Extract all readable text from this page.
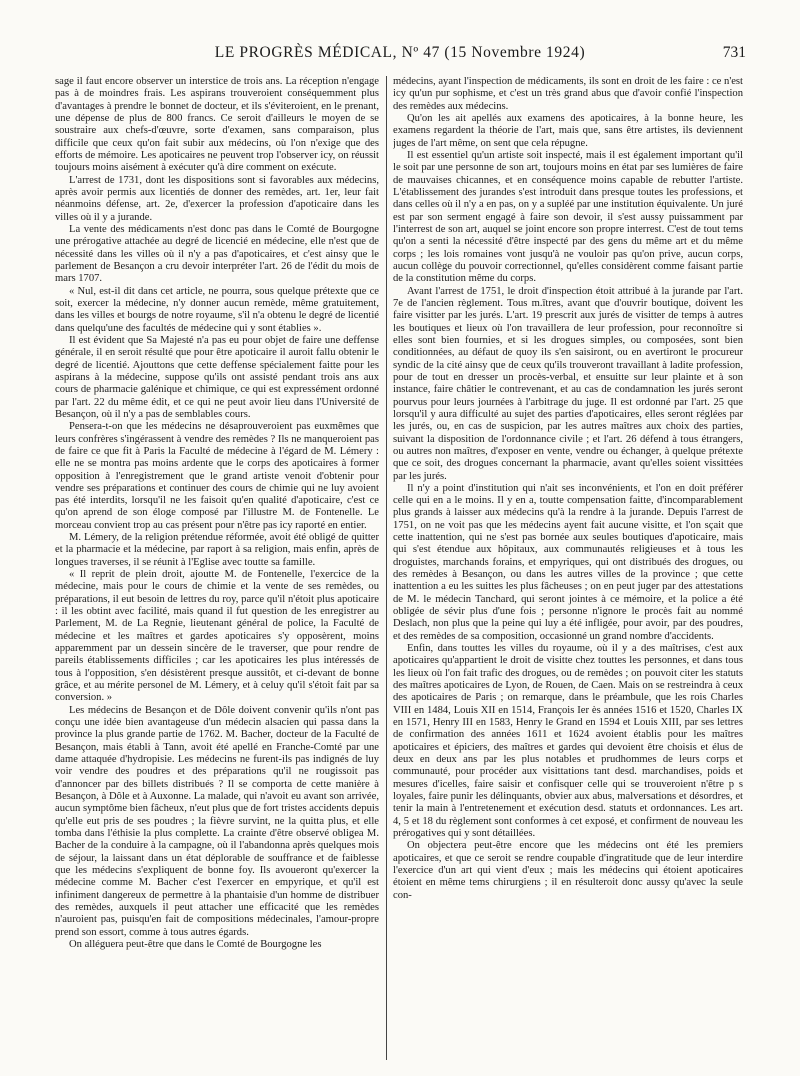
LE PROGRÈS MÉDICAL, Nº 47 (15 Novembre 1924)	731

sage il faut encore observer un interstice de trois ans. La réception n'engage pas à de moindres frais. Les aspirans trouveroient conséquemment plus d'avantages à prendre le bonnet de docteur, et ils s'éviteroient, en le prenant, une dépense de plus de 800 francs. Ce seroit d'ailleurs le moyen de se soustraire aux chefs-d'œuvre, sorte d'examen, sans comparaison, plus difficile que ceux qu'on fait subir aux médecins, où l'on n'exige que des efforts de mémoire. Les apoticaires ne peuvent trop l'observer icy, on réussit toujours moins aisément à exécuter qu'à dire comment on exécute.

L'arrest de 1731, dont les dispositions sont si favorables aux médecins, après avoir permis aux licentiés de donner des remèdes, art. 1er, leur fait néanmoins défense, art. 2e, d'exercer la profession d'apoticaire dans les villes où il y a jurande.

La vente des médicaments n'est donc pas dans le Comté de Bourgogne une prérogative attachée au degré de licencié en médecine, elle n'est que de nécessité dans les villes où il n'y a pas d'apoticaires, et c'est ainsy que le parlement de Besançon a cru devoir interpréter l'art. 26 de l'édit du mois de mars 1707.

« Nul, est-il dit dans cet article, ne pourra, sous quelque prétexte que ce soit, exercer la médecine, n'y donner aucun remède, même gratuitement, dans les villes et bourgs de notre royaume, s'il n'a obtenu le degré de licentié dans quelqu'une des facultés de médecine qui y sont établies ».

Il est évident que Sa Majesté n'a pas eu pour objet de faire une deffense générale, il en seroit résulté que pour être apoticaire il auroit fallu obtenir le degré de licentié. Ajouttons que cette deffense spécialement faitte pour les aspirans à la médecine, suppose qu'ils ont assisté pendant trois ans aux cours de pharmacie galénique et chimique, ce qui est expressément ordonné par l'art. 22 du même édit, et ce qui ne peut avoir lieu dans l'Université de Besançon, où il n'y a pas de semblables cours.

Pensera-t-on que les médecins ne désaprouveroient pas euxmêmes que leurs confrères s'ingérassent à vendre des remèdes ? Ils ne manqueroient pas de faire ce que fit à Paris la Faculté de médecine à l'égard de M. Lémery : elle ne se montra pas moins ardente que le corps des apoticaires à former opposition à l'enregistrement que le grand artiste venoit d'obtenir pour vendre ses préparations et continuer des cours de chimie qui ne luy avoient pas été interdits, lorsqu'il ne les faisoit qu'en qualité d'apoticaire, c'est ce qu'on aprend de son éloge composé par l'illustre M. de Fontenelle. Le morceau convient trop au cas présent pour n'être pas icy raporté en entier.

M. Lémery, de la religion prétendue réformée, avoit été obligé de quitter et la pharmacie et la médecine, par raport à sa religion, mais enfin, après de longues traverses, il se réunit à l'Eglise avec toutte sa famille.

« Il reprit de plein droit, ajoutte M. de Fontenelle, l'exercice de la médecine, mais pour le cours de chimie et la vente de ses remèdes, ou préparations, il eut besoin de lettres du roy, parce qu'il n'étoit plus apoticaire : il les obtint avec facilité, mais quand il fut question de les enregistrer au Parlement, M. de La Regnie, lieutenant général de police, la Faculté de médecine et les maîtres et gardes apoticaires s'y opposèrent, moins apparemment par un dessein sincère de le traverser, que pour rendre de pareils établissements difficiles ; car les apoticaires les plus intéressés de tous à l'opposition, s'en désistèrent presque aussitôt, et ci-devant de bonne grâce, et au mérite personel de M. Lémery, et à celuy qu'il s'étoit fait par sa conversion. »

Les médecins de Besançon et de Dôle doivent convenir qu'ils n'ont pas conçu une idée bien avantageuse d'un médecin alsacien qui passa dans la province la plus grande partie de 1762. M. Bacher, docteur de la Faculté de Besançon, mais établi à Tann, avoit été apellé en Franche-Comté par une dame attaquée d'hydropisie. Les médecins ne furent-ils pas indignés de luy voir vendre des poudres et des préparations qu'il ne rougissoit pas d'annoncer par des billets distribués ? Il se comporta de cette manière à Besançon, à Dôle et à Auxonne. La malade, qui n'avoit eu avant son arrivée, aucun symptôme bien fâcheux, n'eut plus que de fort tristes accidents depuis qu'elle eut pris de ses poudres ; la fièvre survint, ne la quitta plus, et elle tomba dans l'éthisie la plus complette. La crainte d'être observé obligea M. Bacher de la conduire à la campagne, où il l'abandonna après quelques mois de séjour, la laissant dans un état déplorable de souffrance et de faiblesse que les médecins s'expliquent de bonne foy. Ils avoueront qu'exercer la médecine comme M. Bacher c'est l'exercer en empyrique, et qu'il est infiniment dangereux de permettre à la phantaisie d'un homme de distribuer des remèdes, auxquels il peut attacher une efficacité que les remèdes n'auroient pas, puisqu'en fait de compositions médecinales, l'amour-propre prend son essort, comme à tous autres égards.

On alléguera peut-être que dans le Comté de Bourgogne les

médecins, ayant l'inspection de médicaments, ils sont en droit de les faire : ce n'est icy qu'un pur sophisme, et c'est un très grand abus que d'avoir confié l'inspection des remèdes aux médecins.

Qu'on les ait apellés aux examens des apoticaires, à la bonne heure, les examens regardent la théorie de l'art, mais que, sans être artistes, ils deviennent juges de l'art même, on sent que cela répugne.

Il est essentiel qu'un artiste soit inspecté, mais il est également important qu'il le soit par une personne de son art, toujours moins en état par ses lumières de faire de mauvaises chicannes, et en conséquence moins capable de rebutter l'artiste. L'établissement des jurandes s'est introduit dans presque toutes les professions, et dans celles où il n'y a en pas, on y a supléé par une institution équivalente. Un juré est par son serment engagé à faire son devoir, il s'est aussy puissamment par l'interrest de son art, auquel se joint encore son propre interrest. C'est de tout tems qu'on a senti la nécessité d'être inspecté par des gens du même art et du même corps ; les lois romaines vont jusqu'à ne vouloir pas qu'on prive, aucun corps, aucun collège du pouvoir correctionnel, qu'elles considèrent comme faisant partie de la constitution même du corps.

Avant l'arrest de 1751, le droit d'inspection étoit attribué à la jurande par l'art. 7e de l'ancien règlement. Tous m.ītres, avant que d'ouvrir boutique, doivent les faire visitter par les jurés. L'art. 19 prescrit aux jurés de visitter de temps à autres les boutiques et lieux où l'on travaillera de leur profession, pour reconnoître si elles sont bien fournies, et si les drogues simples, ou composées, sont bien conditionnées, au défaut de quoy ils s'en saisiront, ou en avertiront le procureur syndic de la cité ainsy que de ceux qu'ils trouveront travaillant à ladite profession, pour de tout en dresser un procès-verbal, et ensuitte sur leur plainte et à son instance, faire châtier le contrevenant, et au cas de condamnation les jurés seront pourvus pour leurs journées à l'arbitrage du juge. Il est ordonné par l'art. 25 que lorsqu'il y aura difficulté au sujet des parties d'apoticaires, elles seront réglées par les jurés, ou, en cas de suspicion, par les autres maîtres aux choix des parties, suivant la disposition de l'ordonnance civile ; et l'art. 26 défend à tous étrangers, ou autres non maîtres, d'exposer en vente, vendre ou échanger, à quelque prétexte que ce soit, des drogues concernant la pharmacie, avant qu'elles soient vissittées par les jurés.

Il n'y a point d'institution qui n'ait ses inconvénients, et l'on en doit préférer celle qui en a le moins. Il y en a, toutte compensation faitte, d'incomparablement plus grands à laisser aux médecins qu'à la rendre à la jurande. Depuis l'arrest de 1751, on ne voit pas que les médecins ayent fait aucune visitte, et l'on sçait que cette inattention, qui ne s'est pas bornée aux seules boutiques d'apoticaire, mais qui s'est étendue aux hôpitaux, aux communautés religieuses et à tous les droguistes, marchands forains, et empyriques, qui ont distribués des drogues, ou des remèdes à Besançon, ou dans les autres villes de la province ; que cette inattention a eu les suittes les plus fâcheuses ; on en peut juger par des attestations de M. le médecin Tanchard, qui seront jointes à ce mémoire, et la police a été obligée de sévir plus d'une fois ; personne n'ignore le procès fait au nommé Deslach, non plus que la peine qui luy a été infligée, pour avoir, par des poudres, et des remèdes de sa composition, occasionné un grand nombre d'accidents.

Enfin, dans touttes les villes du royaume, où il y a des maîtrises, c'est aux apoticaires qu'appartient le droit de visitte chez touttes les personnes, et dans tous les lieux où l'on fait trafic des drogues, ou de remèdes ; on pouvoit citer les statuts des maîtres apoticaires de Lyon, de Rouen, de Caen. Mais on se restreindra à ceux des apoticaires de Paris ; on remarque, dans le préambule, que les rois Charles VIII en 1484, Louis XII en 1514, François Ier ès années 1516 et 1520, Charles IX en 1571, Henry III en 1583, Henry le Grand en 1594 et Louis XIII, par ses lettres de confirmation des années 1611 et 1624 avoient établis pour les maîtres apoticaires et épiciers, des maîtres et gardes qui devoient être choisis et élus de deux en deux ans par les plus notables et prudhommes de leurs corps et communauté, pour procéder aux visittations tant desd. marchandises, poids et mesures d'icelles, faire saisir et confisquer celle qui se trouveroient n'être p s loyales, faire punir les délinquants, obvier aux abus, malversations et désordres, et tenir la main à l'entretenement et exécution desd. statuts et ordonnances. Les art. 4, 5 et 18 du règlement sont conformes à cet exposé, et confirment de nouveau les prérogatives qui y sont détaillées.

On objectera peut-être encore que les médecins ont été les premiers apoticaires, et que ce seroit se rendre coupable d'ingratitude que de leur interdire l'exercice d'un art qui vient d'eux ; mais les médecins qui étoient apoticaires étoient en même tems chirurgiens ; il en résulteroit donc aussy qu'avec la seule con-
